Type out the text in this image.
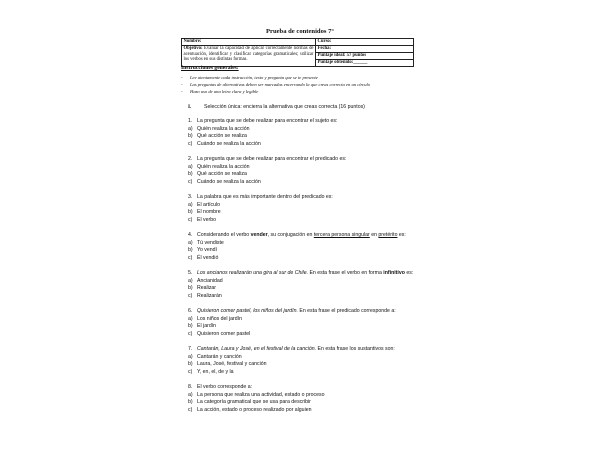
Prueba de contenidos 7°
Nombre:	Curso:
Objetivo: Evaluar la capacidad de aplicar correctamente normas de acentuación, identificar y clasificar categorías gramaticales; utilizar los verbos en sus distintas formas.	Fecha:
	Puntaje ideal: 57 puntos
	Puntaje obtenido:______
Instrucciones generales:
- Lee atentamente cada instrucción, texto y pregunta que se te presente
- Las preguntas de alternativas deben ser marcadas encerrando la que creas correcta en un círculo
- Hazo uso de una letra clara y legible
I. Selección única: encierra la alternativa que creas correcta (16 puntos)
1. La pregunta que se debe realizar para encontrar el sujeto es:
a) Quién realiza la acción
b) Qué acción se realiza
c) Cuándo se realiza la acción
2. La pregunta que se debe realizar para encontrar el predicado es:
a) Quién realiza la acción
b) Qué acción se realiza
c) Cuándo se realiza la acción
3. La palabra que es más importante dentro del predicado es:
a) El artículo
b) El nombre
c) El verbo
4. Considerando el verbo vender, su conjugación en tercera persona singular en pretérito es:
a) Tú vendiste
b) Yo vendí
c) Él vendió
5. Los ancianos realizarán una gira al sur de Chile. En esta frase el verbo en forma infinitivo es:
a) Ancianidad
b) Realizar
c) Realizarán
6. Quisieron comer pastel, los niños del jardín. En esta frase el predicado corresponde a:
a) Los niños del jardín
b) El jardín
c) Quisieron comer pastel
7. Cantarán, Laura y José, en el festival de la canción. En esta frase los sustantivos son:
a) Cantarán y canción
b) Laura, José, festival y canción
c) Y, en, el, de y la
8. El verbo corresponde a:
a) La persona que realiza una actividad, estado o proceso
b) La categoría gramatical que se usa para describir
c) La acción, estado o proceso realizado por alguien
